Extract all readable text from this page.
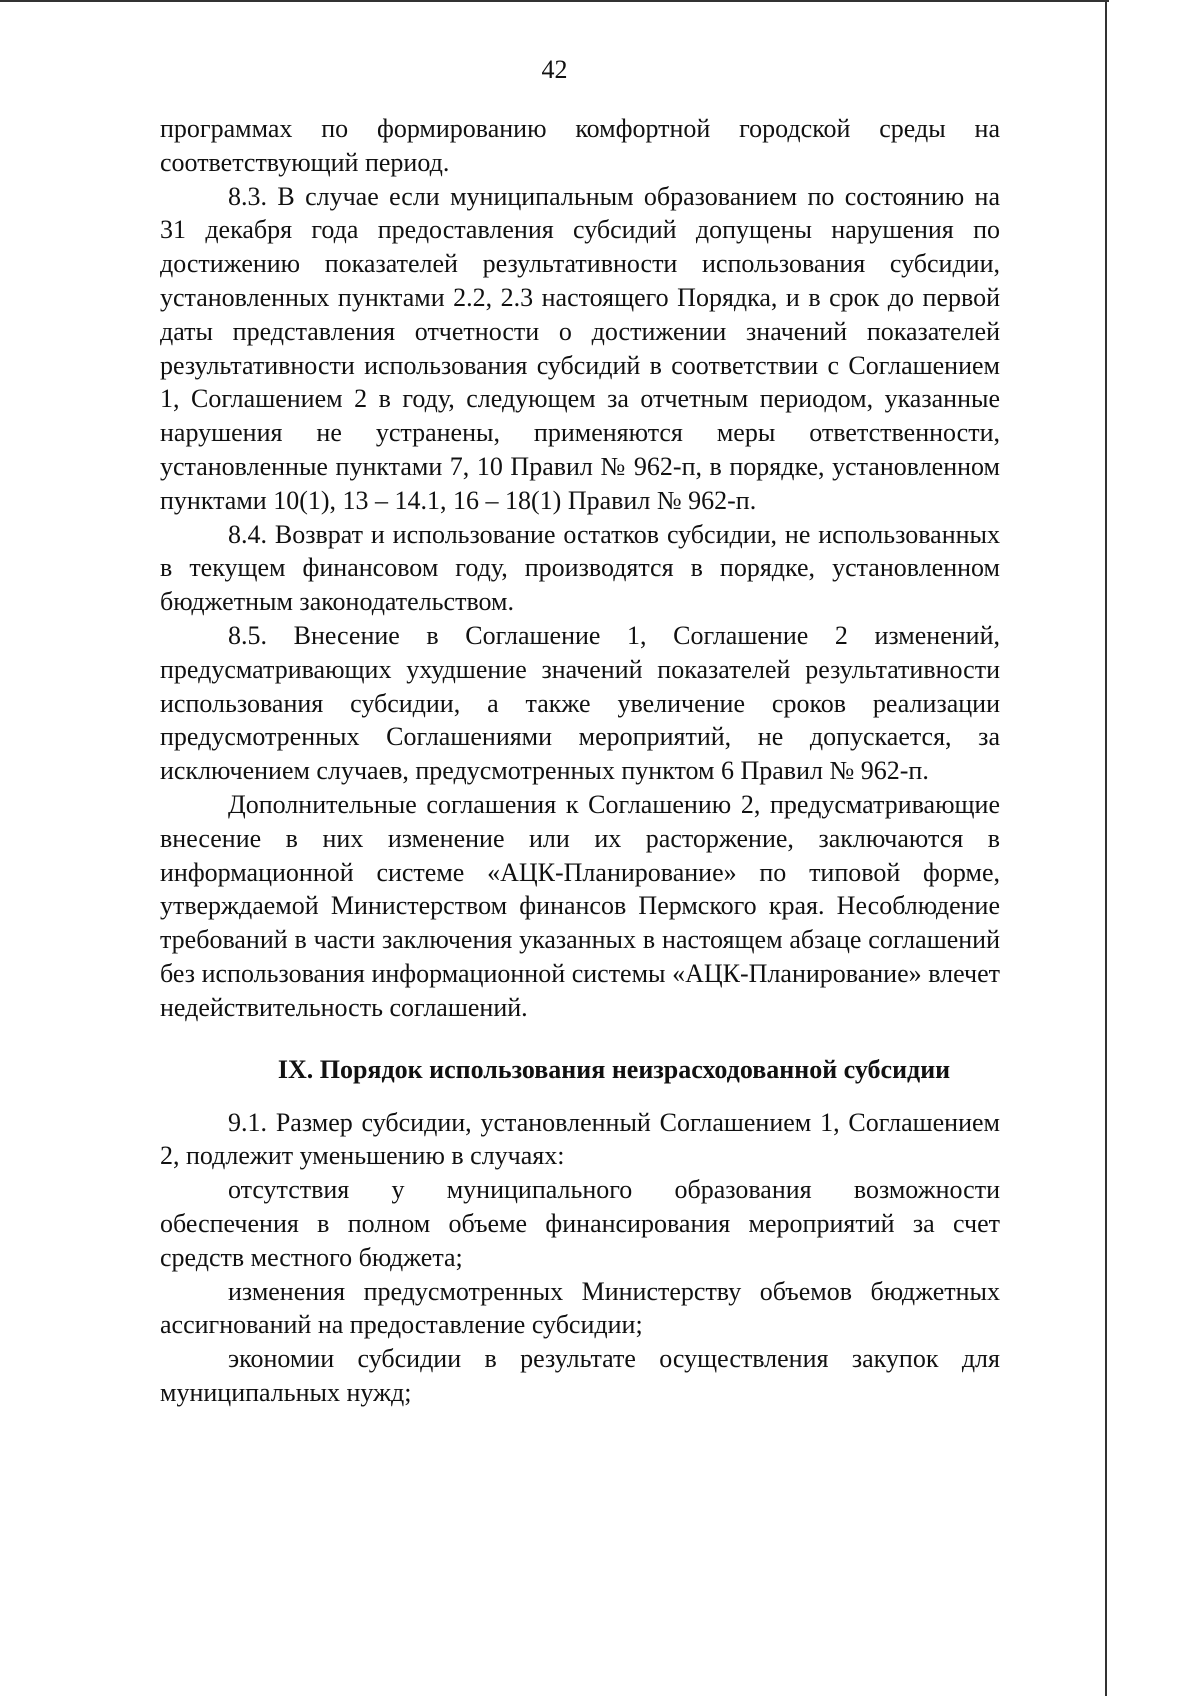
42

программах по формированию комфортной городской среды на соответствующий период.

8.3. В случае если муниципальным образованием по состоянию на 31 декабря года предоставления субсидий допущены нарушения по достижению показателей результативности использования субсидии, установленных пунктами 2.2, 2.3 настоящего Порядка, и в срок до первой даты представления отчетности о достижении значений показателей результативности использования субсидий в соответствии с Соглашением 1, Соглашением 2 в году, следующем за отчетным периодом, указанные нарушения не устранены, применяются меры ответственности, установленные пунктами 7, 10 Правил № 962-п, в порядке, установленном пунктами 10(1), 13 – 14.1, 16 – 18(1) Правил № 962-п.

8.4. Возврат и использование остатков субсидии, не использованных в текущем финансовом году, производятся в порядке, установленном бюджетным законодательством.

8.5. Внесение в Соглашение 1, Соглашение 2 изменений, предусматривающих ухудшение значений показателей результативности использования субсидии, а также увеличение сроков реализации предусмотренных Соглашениями мероприятий, не допускается, за исключением случаев, предусмотренных пунктом 6 Правил № 962-п.

Дополнительные соглашения к Соглашению 2, предусматривающие внесение в них изменение или их расторжение, заключаются в информационной системе «АЦК-Планирование» по типовой форме, утверждаемой Министерством финансов Пермского края. Несоблюдение требований в части заключения указанных в настоящем абзаце соглашений без использования информационной системы «АЦК-Планирование» влечет недействительность соглашений.

IX. Порядок использования неизрасходованной субсидии

9.1. Размер субсидии, установленный Соглашением 1, Соглашением 2, подлежит уменьшению в случаях:

отсутствия у муниципального образования возможности обеспечения в полном объеме финансирования мероприятий за счет средств местного бюджета;

изменения предусмотренных Министерству объемов бюджетных ассигнований на предоставление субсидии;

экономии субсидии в результате осуществления закупок для муниципальных нужд;
